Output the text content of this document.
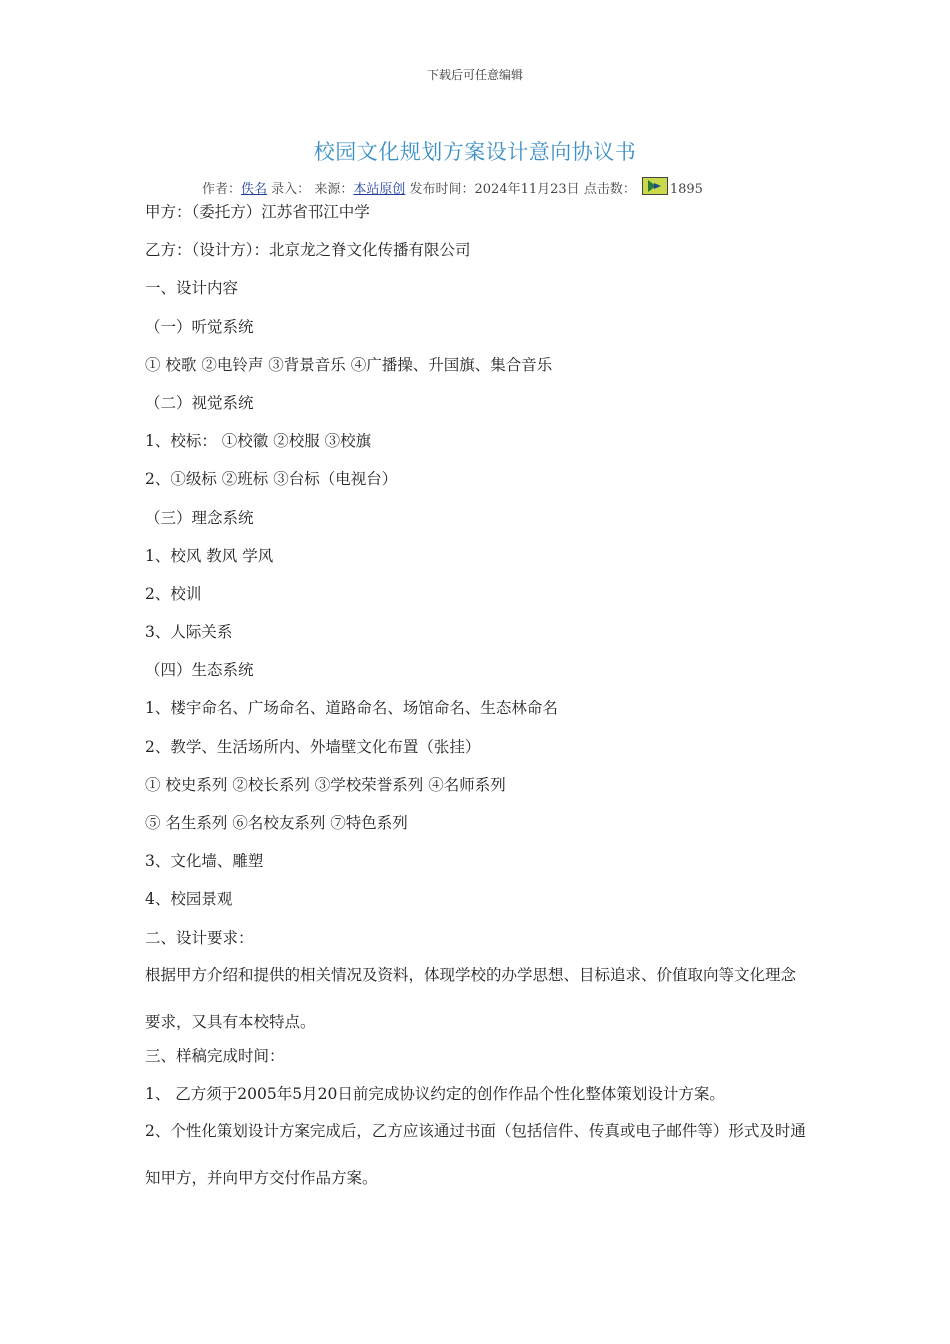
下载后可任意编辑
校园文化规划方案设计意向协议书
作者：佚名 录入： 来源：本站原创 发布时间：2024年11月23日 点击数：	1895
甲方：（委托方）江苏省邗江中学
乙方：（设计方）：北京龙之脊文化传播有限公司
一、设计内容
（一）听觉系统
① 校歌 ②电铃声 ③背景音乐 ④广播操、升国旗、集合音乐
（二）视觉系统
1、校标： ①校徽 ②校服 ③校旗
2、①级标 ②班标 ③台标（电视台）
（三）理念系统
1、校风 教风 学风
2、校训
3、人际关系
（四）生态系统
1、楼宇命名、广场命名、道路命名、场馆命名、生态林命名
2、教学、生活场所内、外墙壁文化布置（张挂）
① 校史系列 ②校长系列 ③学校荣誉系列 ④名师系列
⑤ 名生系列 ⑥名校友系列 ⑦特色系列
3、文化墙、雕塑
4、校园景观
二、设计要求：
根据甲方介绍和提供的相关情况及资料，体现学校的办学思想、目标追求、价值取向等文化理念要求，又具有本校特点。
三、样稿完成时间：
1、 乙方须于2005年5月20日前完成协议约定的创作作品个性化整体策划设计方案。
2、个性化策划设计方案完成后，乙方应该通过书面（包括信件、传真或电子邮件等）形式及时通知甲方，并向甲方交付作品方案。
